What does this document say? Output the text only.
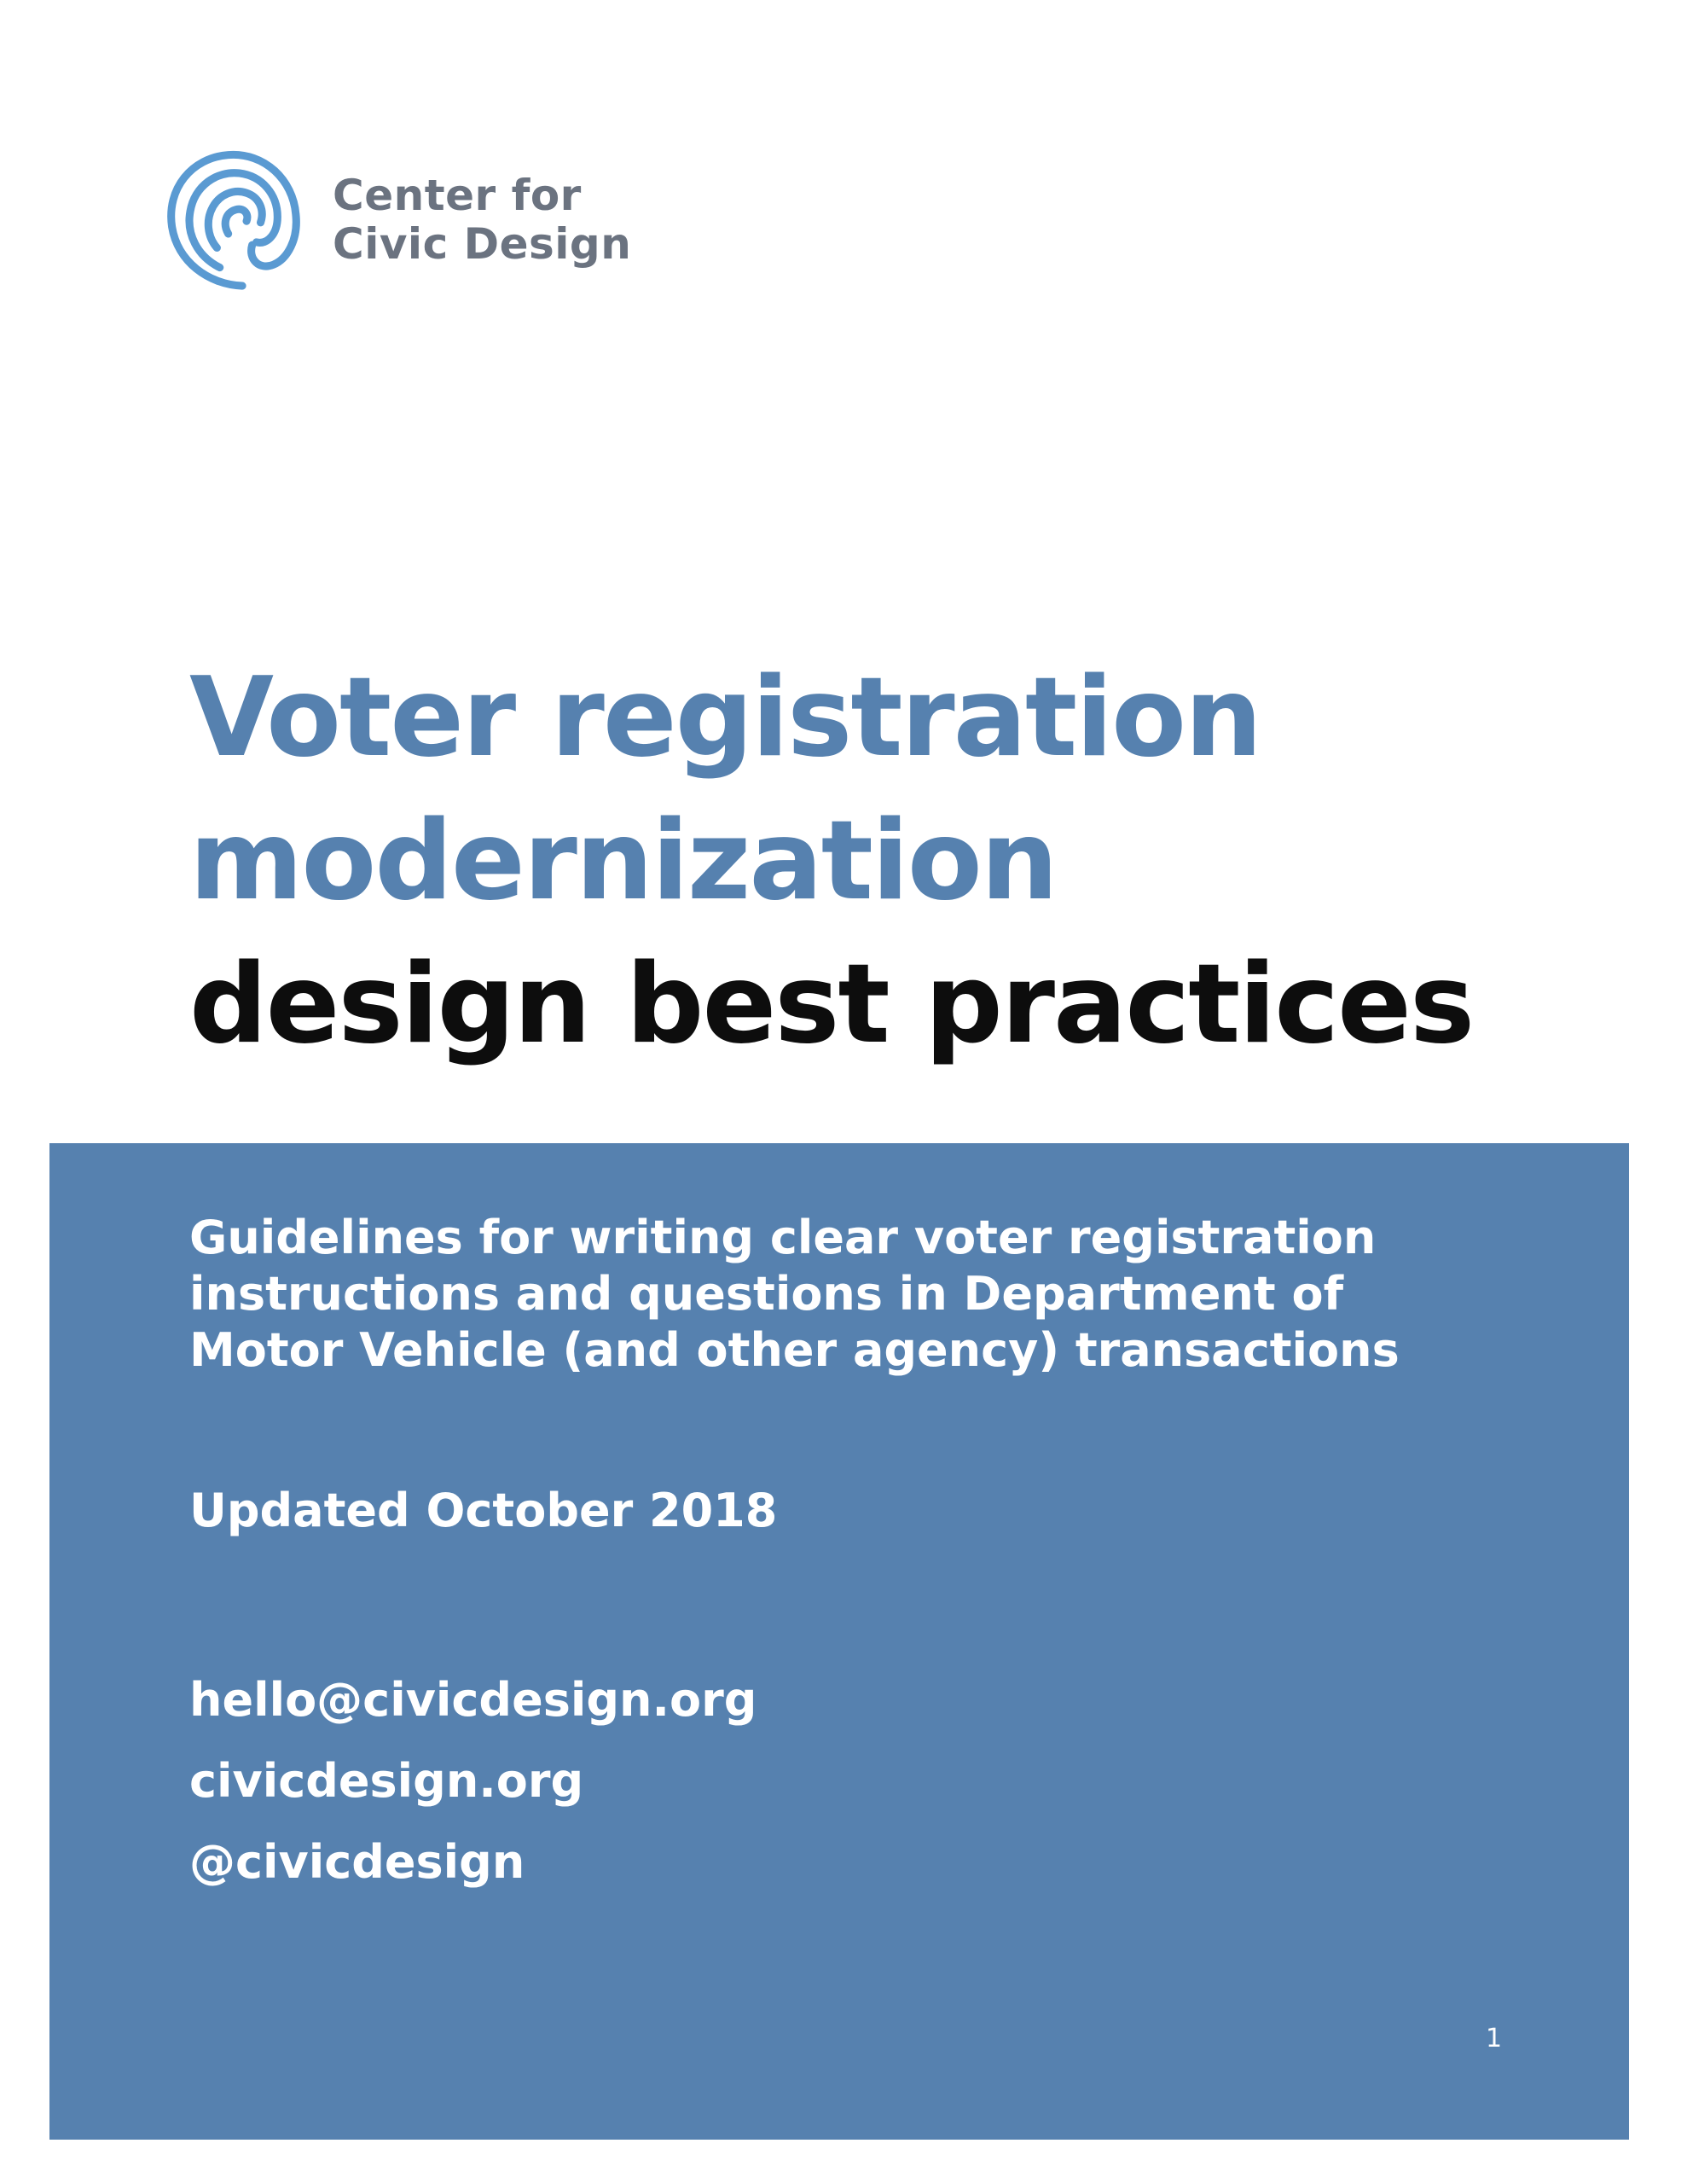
Center for
Civic Design
Voter registration
modernization
design best practices

Guidelines for writing clear voter registration
instructions and questions in Department of
Motor Vehicle (and other agency) transactions

Updated October 2018
hello@civicdesign.org
civicdesign.org
@civicdesign
1
